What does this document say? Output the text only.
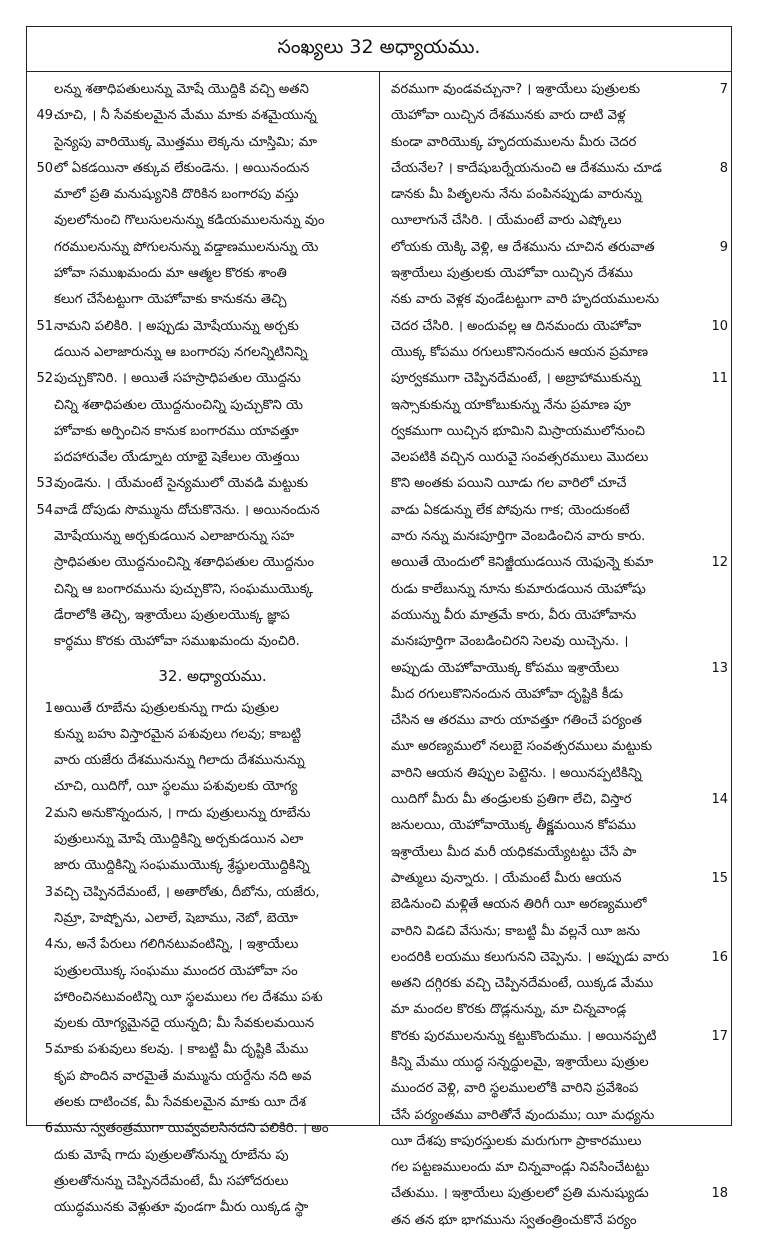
సంఖ్యలు 32 అధ్యాయము.
లన్ను శతాధిపతులున్ను మోషే యొద్దికి వచ్చి అతని
49 చూచి, । నీ సేవకులమైన మేము మాకు వశమైయున్న
సైన్యపు వారియొక్క మొత్తము లెక్కను చూస్తిమి; మా
50 లో ఏకడయినా తక్కువ లేకుండెను. । అయినందున
మాలో ప్రతి మనుష్యునికి దొరికిన బంగారపు వస్తు
వులలోనుంచి గొలుసులనున్ను కడియములనున్ను వుం
గరములనున్ను పోగులనున్ను వడ్డాణములనున్ను యె
హోవా సముఖమందు మా ఆత్మల కొరకు శాంతి
కలుగ చేసేటట్టుగా యెహోవాకు కానుకను తెచ్చి
51 నామని పలికిరి. । అప్పుడు మోషేయున్ను అర్చకు
డయిన ఎలాజారున్ను ఆ బంగారపు నగలన్నిటినిన్ని
52 పుచ్చుకొనిరి. । అయితే సహస్రాధిపతుల యొద్దను
చిన్ని శతాధిపతుల యొద్దనుంచిన్ని పుచ్చుకొని యె
హోవాకు అర్పించిన కానుక బంగారము యావత్తూ
పదహారువేల యేడ్నూట యాభై షెకేలుల యెత్తయి
53 వుండెను. । యేమంటే సైన్యములో యెవడి మట్టుకు
54 వాడే దోపుడు సొమ్మును దోచుకొనెను. । అయినందున
మోషేయున్ను అర్చకుడయిన ఎలాజారున్ను సహ
స్రాధిపతుల యొద్దనుంచిన్ని శతాధిపతుల యొద్దనుం
చిన్ని ఆ బంగారమును పుచ్చుకొని, సంఘముయొక్క
డేరాలోకి తెచ్చి, ఇశ్రాయేలు పుత్రులయొక్క జ్ఞాప
కార్థము కొరకు యెహోవా సముఖమందు వుంచిరి.
32. అధ్యాయము.
1 అయితే రూబేను పుత్రులకున్ను గాదు పుత్రుల
కున్ను బహు విస్తారమైన పశువులు గలవు; కాబట్టి
వారు యజేరు దేశమునున్ను గిలాదు దేశమునున్ను
చూచి, యిదిగో, యీ స్థలము పశువులకు యోగ్య
2 మని అనుకొన్నందున, । గాదు పుత్రులున్ను రూబేను
పుత్రులున్ను మోషే యొద్దికిన్ని అర్చకుడయిన ఎలా
జారు యొద్దికిన్ని సంఘముయొక్క శ్రేష్ఠులయొద్దికిన్ని
3 వచ్చి చెప్పినదేమంటే, । అతారోతు, దీబోను, యజేరు,
నిమ్రా, హెష్బోను, ఎలాలే, షెబాము, నెబో, బెయో
4 ను, అనే పేరులు గలిగినటువంటిన్ని, । ఇశ్రాయేలు
పుత్రులయొక్క సంఘము ముందర యెహోవా సం
హారించినటువంటిన్ని యీ స్థలములు గల దేశము పశు
వులకు యోగ్యమైనదై యున్నది; మీ సేవకులమయిన
5 మాకు పశువులు కలవు. । కాబట్టి మీ దృష్టికి మేము
కృప పొందిన వారమైతే మమ్మును యర్దేను నది అవ
తలకు దాటించక, మీ సేవకులమైన మాకు యీ దేశ
6 మును స్వతంత్రముగా యివ్వవలసినదని పలికిరి. । అం
దుకు మోషే గాదు పుత్రులతోనున్ను రూబేను పు
త్రులతోనున్ను చెప్పినదేమంటే, మీ సహోదరులు
యుద్ధమునకు వెళ్లుతూ వుండగా మీరు యిక్కడ స్థా
7
వరముగా వుండవచ్చునా? । ఇశ్రాయేలు పుత్రులకు
యెహోవా యిచ్చిన దేశమునకు వారు దాటి వెళ్ల
కుండా వారియొక్క హృదయములను మీరు చెదర
8
చేయనేల? । కాదేషుబర్నేయనుంచి ఆ దేశమును చూడ
డానకు మీ పితృలను నేను పంపినప్పుడు వారున్ను
యీలాగునే చేసిరి. । యేమంటే వారు ఎష్కోలు
9
లోయకు యెక్కి వెళ్లి, ఆ దేశమును చూచిన తరువాత
ఇశ్రాయేలు పుత్రులకు యెహోవా యిచ్చిన దేశము
నకు వారు వెళ్లక వుండేటట్టుగా వారి హృదయములను
10
చెదర చేసిరి. । అందువల్ల ఆ దినమందు యెహోవా
యొక్క కోపము రగులుకొనినందున ఆయన ప్రమాణ
11
పూర్వకముగా చెప్పినదేమంటే, । అబ్రాహాముకున్ను
ఇస్సాకుకున్ను యాకోబుకున్ను నేను ప్రమాణ పూ
ర్వకముగా యిచ్చిన భూమిని మిస్రాయములోనుంచి
వెలపటికి వచ్చిన యిరువై సంవత్సరములు మొదలు
కొని అంతకు పయిని యీడు గల వారిలో చూచే
వాడు ఏకడున్ను లేక పోవును గాక; యెందుకంటే
వారు నన్ను మనఃపూర్తిగా వెంబడించిన వారు కారు.
12
అయితే యెందులో కెనిజ్జీయుడయిన యెఫున్నె కుమా
రుడు కాలేబున్ను నూను కుమారుడయిన యెహోషు
వయున్ను వీరు మాత్రమే కారు, వీరు యెహోవాను
మనఃపూర్తిగా వెంబడించిరని సెలవు యిచ్చెను. ।
13
అప్పుడు యెహోవాయొక్క కోపము ఇశ్రాయేలు
మీద రగులుకొనినందున యెహోవా దృష్టికి కీడు
చేసిన ఆ తరము వారు యావత్తూ గతించే పర్యంత
మూ అరణ్యములో నలుబై సంవత్సరములు మట్టుకు
వారిని ఆయన తిప్పుల పెట్టెను. । అయినప్పటికిన్ని
14
యిదిగో మీరు మీ తండ్రులకు ప్రతిగా లేచి, విస్తార
జనులయి, యెహోవాయొక్క తీక్ష్ణమయిన కోపము
ఇశ్రాయేలు మీద మరీ యధికమయ్యేటట్టు చేసే పా
15
పాత్ములు వున్నారు. । యేమంటే మీరు ఆయన
బెడినుంచి మళ్లితే ఆయన తిరిగీ యీ అరణ్యములో
వారిని విడచి వేసును; కాబట్టి మీ వల్లనే యీ జను
16
లందరికి లయము కలుగునని చెప్పెను. । అప్పుడు వారు
అతని దగ్గిరకు వచ్చి చెప్పినదేమంటే, యిక్కడ మేము
మా మందల కొరకు దొడ్లనున్ను, మా చిన్నవాండ్ల
17
కొరకు పురములనున్ను కట్టుకొందుము. । అయినప్పటి
కిన్ని మేము యుద్ధ సన్నద్ధులమై, ఇశ్రాయేలు పుత్రుల
ముందర వెళ్లి, వారి స్థలములలోకి వారిని ప్రవేశింప
చేసే పర్యంతము వారితోనే వుందుము; యీ మధ్యను
యీ దేశపు కాపురస్తులకు మరుగుగా ప్రాకారములు
గల పట్టణములందు మా చిన్నవాండ్లు నివసించేటట్టు
18
చేతుము. । ఇశ్రాయేలు పుత్రులలో ప్రతి మనుష్యుడు
తన తన భూ భాగమును స్వతంత్రించుకొనే పర్యం
